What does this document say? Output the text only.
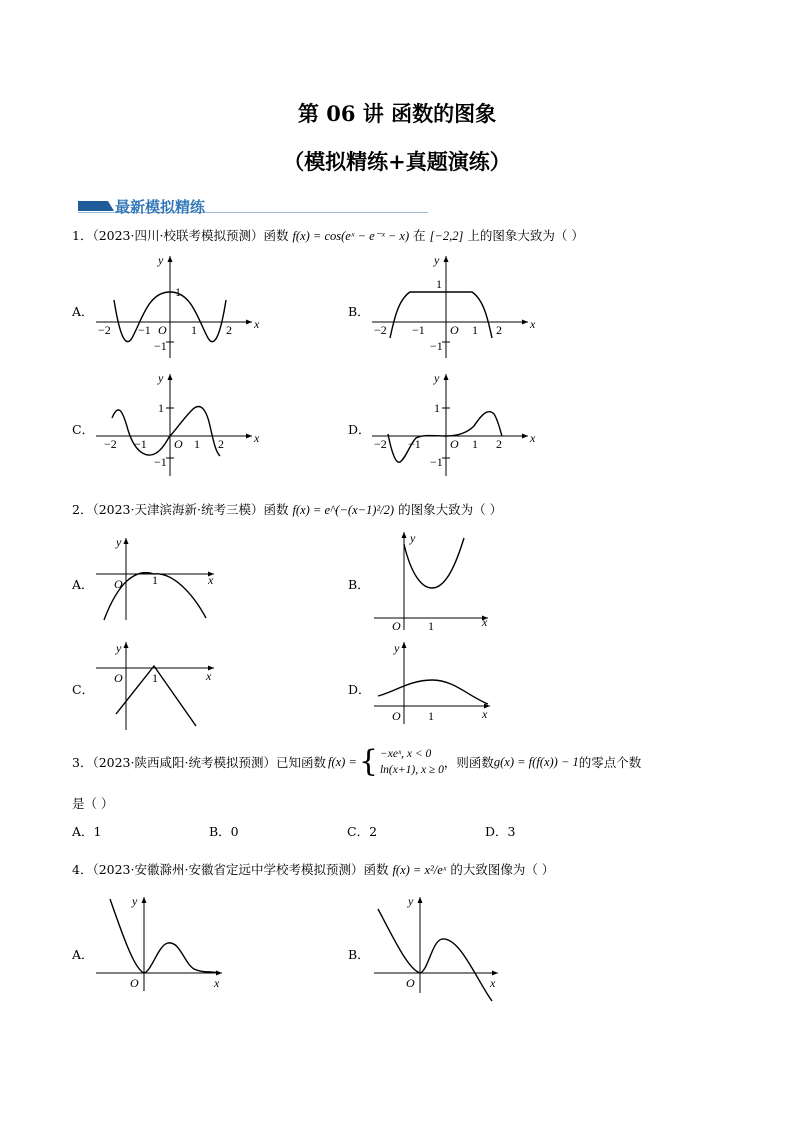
第 06 讲 函数的图象
（模拟精练+真题演练）
最新模拟精练
1．（2023·四川·校联考模拟预测）函数 f(x) = cos(eˣ − e⁻ˣ − x) 在 [−2,2] 上的图象大致为（ ）
A．	B．
C．	D．
x
y
1
−1
O
−2 −1	1 2	x
y
1
−1
O
−2 −1	1 2
x
y
1
−1
O
−2 −1	1 2	x
y
1
−1
O
−2 −1	1 2
2．（2023·天津滨海新·统考三模）函数 f(x) = e^(−(x−1)²/2) 的图象大致为（ ）
A．	B．
C．	D．
x
y
O 1
x
y
O 1
x
y
O 1
x
y
O 1
3．（2023·陕西咸阳·统考模拟预测）已知函数 f(x) = { −xeˣ, x < 0
ln(x+1), x ≥ 0 ，则函数 g(x) = f(f(x)) − 1 的零点个数
是（ ）
A．1	B．0	C．2	D．3
4．（2023·安徽滁州·安徽省定远中学校考模拟预测）函数 f(x) = x²/eˣ 的大致图像为（ ）
A．	B．
x
y
O	x
y
O
